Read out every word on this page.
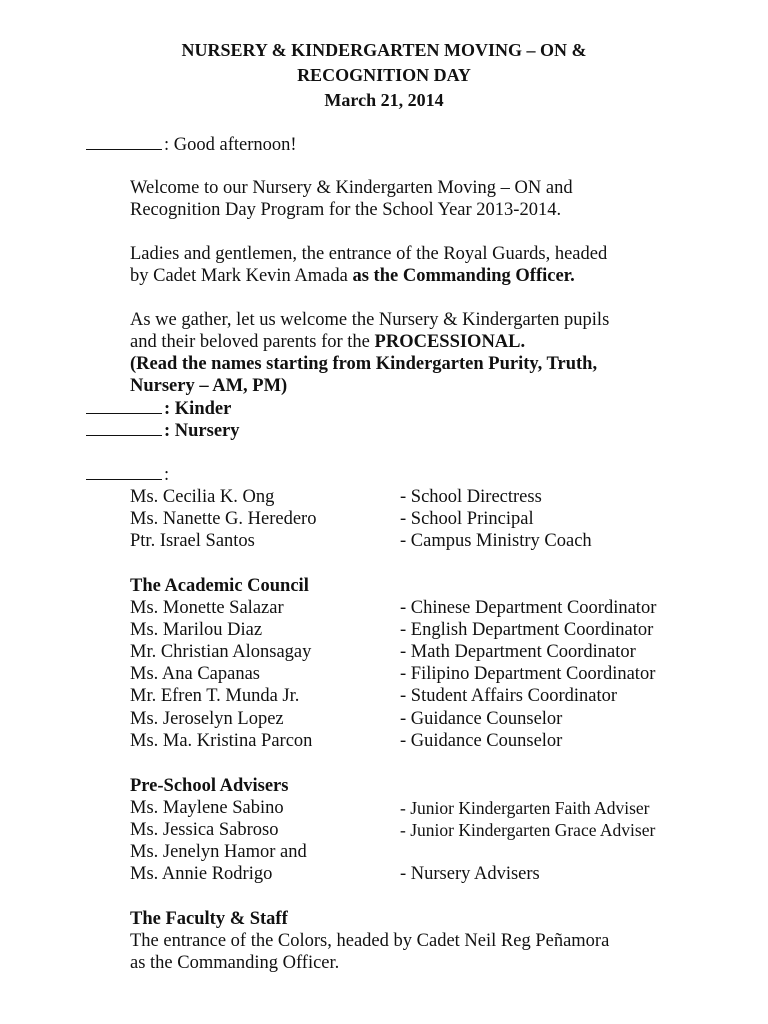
NURSERY & KINDERGARTEN MOVING – ON &
RECOGNITION DAY
March 21, 2014
: Good afternoon!
Welcome to our Nursery & Kindergarten Moving – ON and
Recognition Day Program for the School Year 2013-2014.
Ladies and gentlemen, the entrance of the Royal Guards, headed
by Cadet Mark Kevin Amada as the Commanding Officer.
As we gather, let us welcome the Nursery & Kindergarten pupils
and their beloved parents for the PROCESSIONAL.
(Read the names starting from Kindergarten Purity, Truth,
Nursery – AM, PM)
: Kinder
: Nursery
:
Ms. Cecilia K. Ong	- School Directress
Ms. Nanette G. Heredero	- School Principal
Ptr. Israel Santos	- Campus Ministry Coach
The Academic Council
Ms. Monette Salazar	- Chinese Department Coordinator
Ms. Marilou Diaz	- English Department Coordinator
Mr. Christian Alonsagay	- Math Department Coordinator
Ms. Ana Capanas	- Filipino Department Coordinator
Mr. Efren T. Munda Jr.	- Student Affairs Coordinator
Ms. Jeroselyn Lopez	- Guidance Counselor
Ms. Ma. Kristina Parcon	- Guidance Counselor
Pre-School Advisers
Ms. Maylene Sabino	- Junior Kindergarten Faith Adviser
Ms. Jessica Sabroso	- Junior Kindergarten Grace Adviser
Ms. Jenelyn Hamor and
Ms. Annie Rodrigo	- Nursery Advisers
The Faculty & Staff
The entrance of the Colors, headed by Cadet Neil Reg Peñamora
as the Commanding Officer.
